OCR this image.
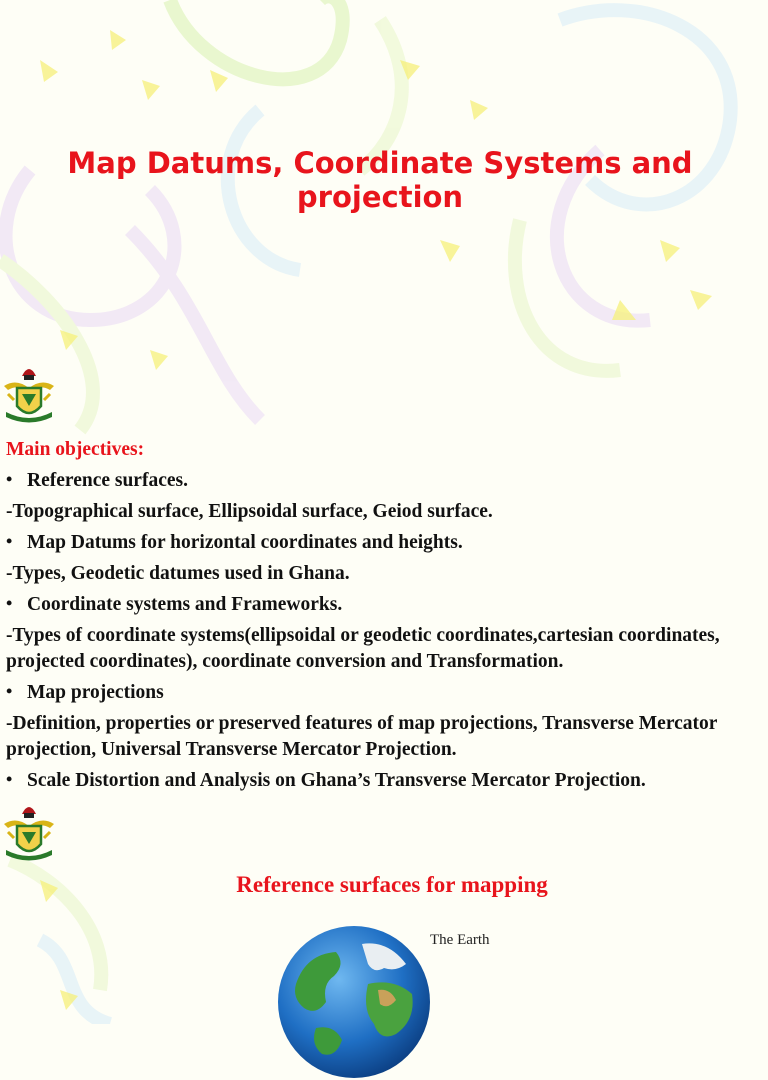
Map Datums, Coordinate Systems and projection
Main objectives:
• Reference surfaces.
-Topographical surface, Ellipsoidal surface, Geiod surface.
• Map Datums for horizontal coordinates and heights.
-Types, Geodetic datumes used in Ghana.
• Coordinate systems and Frameworks.
-Types of coordinate systems(ellipsoidal or geodetic coordinates,cartesian coordinates, projected coordinates), coordinate conversion and Transformation.
• Map projections
-Definition, properties or preserved features of map projections, Transverse Mercator projection, Universal Transverse Mercator Projection.
• Scale Distortion and Analysis on Ghana’s Transverse Mercator Projection.
Reference surfaces for mapping
The Earth
